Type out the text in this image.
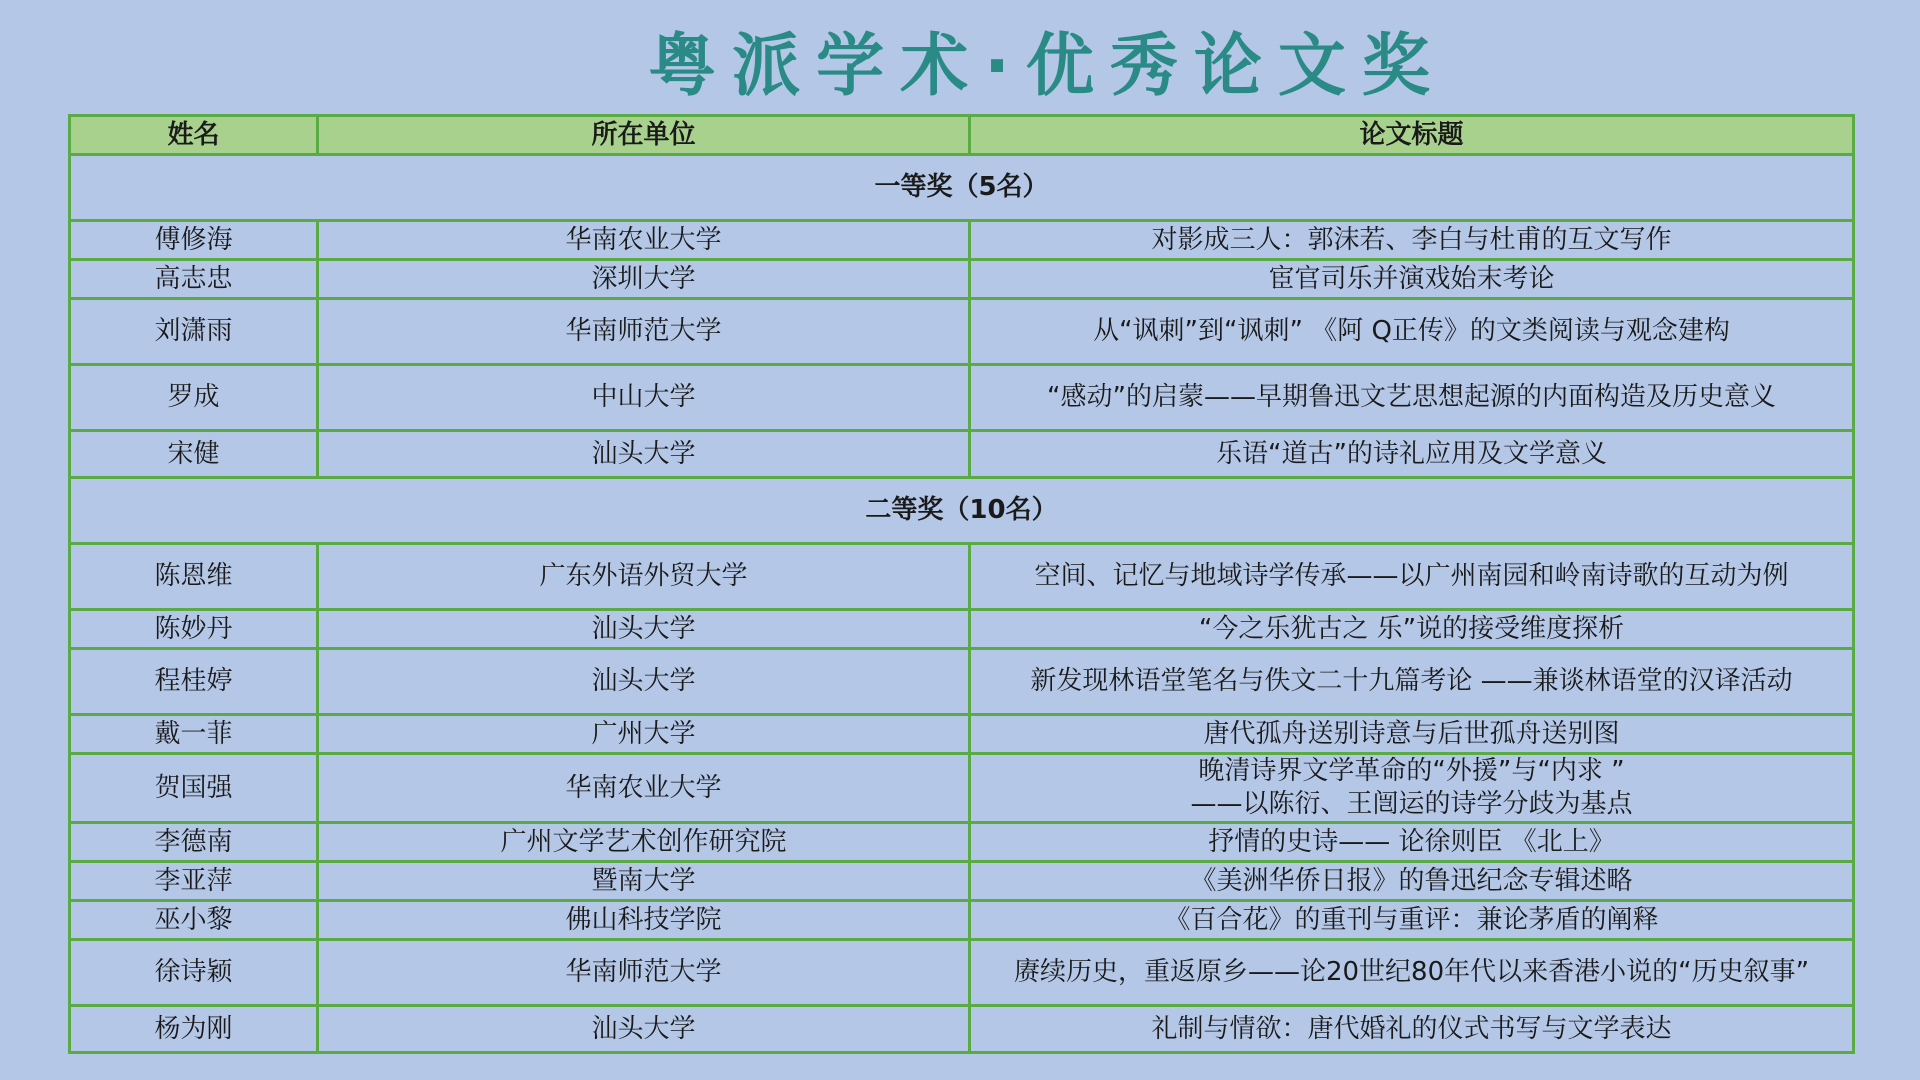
粤派学术·优秀论文奖
姓名	所在单位	论文标题
一等奖（5名）		
傅修海	华南农业大学	对影成三人：郭沫若、李白与杜甫的互文写作
高志忠	深圳大学	宦官司乐并演戏始末考论
刘潇雨	华南师范大学	从“讽刺”到“讽刺” 《阿 Q正传》的文类阅读与观念建构
罗成	中山大学	“感动”的启蒙——早期鲁迅文艺思想起源的内面构造及历史意义
宋健	汕头大学	乐语“道古”的诗礼应用及文学意义
二等奖（10名）		
陈恩维	广东外语外贸大学	空间、记忆与地域诗学传承——以广州南园和岭南诗歌的互动为例
陈妙丹	汕头大学	“今之乐犹古之 乐”说的接受维度探析
程桂婷	汕头大学	新发现林语堂笔名与佚文二十九篇考论 ——兼谈林语堂的汉译活动
戴一菲	广州大学	唐代孤舟送别诗意与后世孤舟送别图
贺国强	华南农业大学	晚清诗界文学革命的“外援”与“内求 ”
——以陈衍、王闿运的诗学分歧为基点

李德南	广州文学艺术创作研究院	抒情的史诗—— 论徐则臣 《北上》
李亚萍	暨南大学	《美洲华侨日报》的鲁迅纪念专辑述略
巫小黎	佛山科技学院	《百合花》的重刊与重评：兼论茅盾的阐释
徐诗颖	华南师范大学	赓续历史，重返原乡——论20世纪80年代以来香港小说的“历史叙事”
杨为刚	汕头大学	礼制与情欲：唐代婚礼的仪式书写与文学表达
